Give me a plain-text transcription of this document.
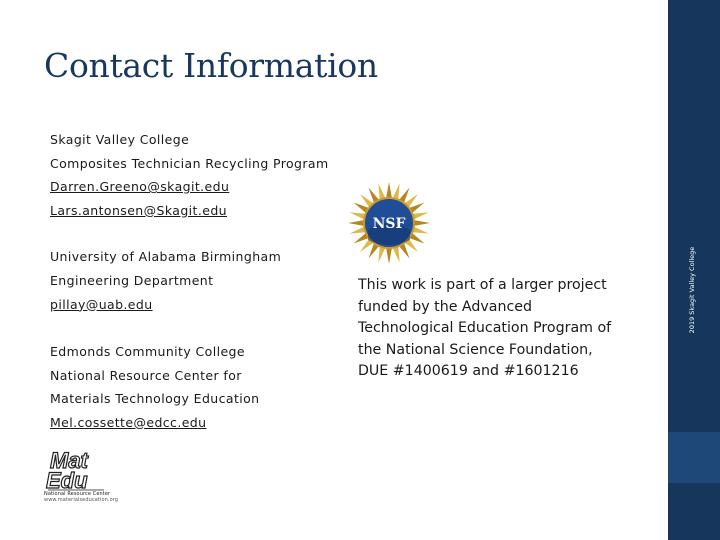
Contact Information
Skagit Valley College
Composites Technician Recycling Program
Darren.Greeno@skagit.edu
Lars.antonsen@Skagit.edu
University of Alabama Birmingham
Engineering Department
pillay@uab.edu
Edmonds Community College
National Resource Center for
Materials Technology Education
Mel.cossette@edcc.edu
Mat
Edu
National Resource Center
www.materialseducation.org
NSF
This work is part of a larger project funded by the Advanced Technological Education Program of the National Science Foundation, DUE #1400619 and #1601216
2019 Skagit Valley College
